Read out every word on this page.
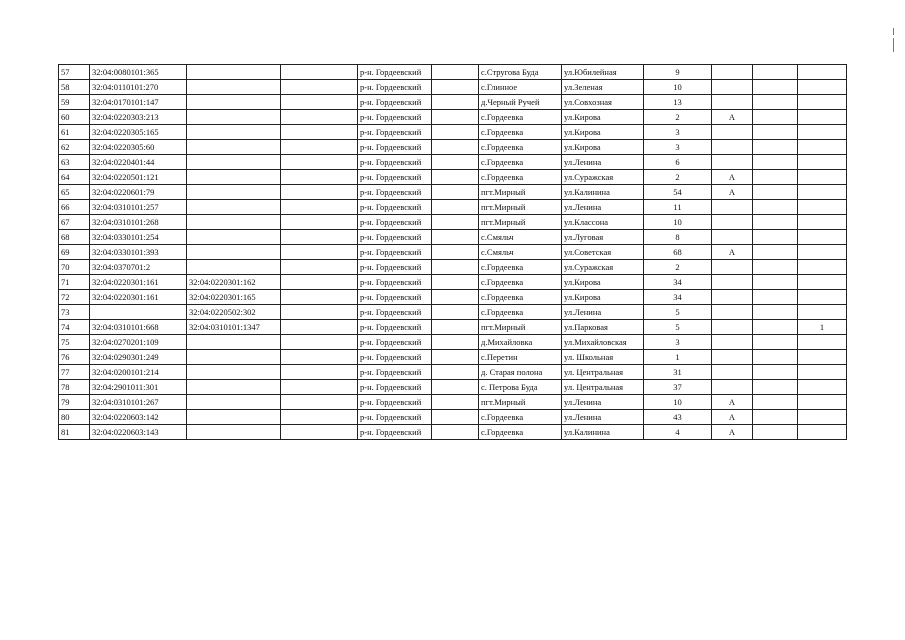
57	32:04:0080101:365			р-н. Гордеевский		с.Стругова Буда	ул.Юбилейная	9			
58	32:04:0110101:270			р-н. Гордеевский		с.Глинное	ул.Зеленая	10			
59	32:04:0170101:147			р-н. Гордеевский		д.Черный Ручей	ул.Совхозная	13			
60	32:04:0220303:213			р-н. Гордеевский		с.Гордеевка	ул.Кирова	2	А		
61	32:04:0220305:165			р-н. Гордеевский		с.Гордеевка	ул.Кирова	3			
62	32:04:0220305:60			р-н. Гордеевский		с.Гордеевка	ул.Кирова	3			
63	32:04:0220401:44			р-н. Гордеевский		с.Гордеевка	ул.Ленина	6			
64	32:04:0220501:121			р-н. Гордеевский		с.Гордеевка	ул.Суражская	2	А		
65	32:04:0220601:79			р-н. Гордеевский		пгт.Мирный	ул.Калинина	54	А		
66	32:04:0310101:257			р-н. Гордеевский		пгт.Мирный	ул.Ленина	11			
67	32:04:0310101:268			р-н. Гордеевский		пгт.Мирный	ул.Классона	10			
68	32:04:0330101:254			р-н. Гордеевский		с.Смяльч	ул.Луговая	8			
69	32:04:0330101:393			р-н. Гордеевский		с.Смяльч	ул.Советская	68	А		
70	32:04:0370701:2			р-н. Гордеевский		с.Гордеевка	ул.Суражская	2			
71	32:04:0220301:161	32:04:0220301:162		р-н. Гордеевский		с.Гордеевка	ул.Кирова	34			
72	32:04:0220301:161	32:04:0220301:165		р-н. Гордеевский		с.Гордеевка	ул.Кирова	34			
73		32:04:0220502:302		р-н. Гордеевский		с.Гордеевка	ул.Ленина	5			
74	32:04:0310101:668	32:04:0310101:1347		р-н. Гордеевский		пгт.Мирный	ул.Парковая	5			1
75	32:04:0270201:109			р-н. Гордеевский		д.Михайловка	ул.Михайловская	3			
76	32:04:0290301:249			р-н. Гордеевский		с.Перетин	ул. Школьная	1			
77	32:04:0200101:214			р-н. Гордеевский		д. Старая полона	ул. Центральная	31			
78	32:04:2901011:301			р-н. Гордеевский		с. Петрова Буда	ул. Центральная	37			
79	32:04:0310101:267			р-н. Гордеевский		пгт.Мирный	ул.Ленина	10	А		
80	32:04:0220603:142			р-н. Гордеевский		с.Гордеевка	ул.Ленина	43	А		
81	32:04:0220603:143			р-н. Гордеевский		с.Гордеевка	ул.Калинина	4	А		
